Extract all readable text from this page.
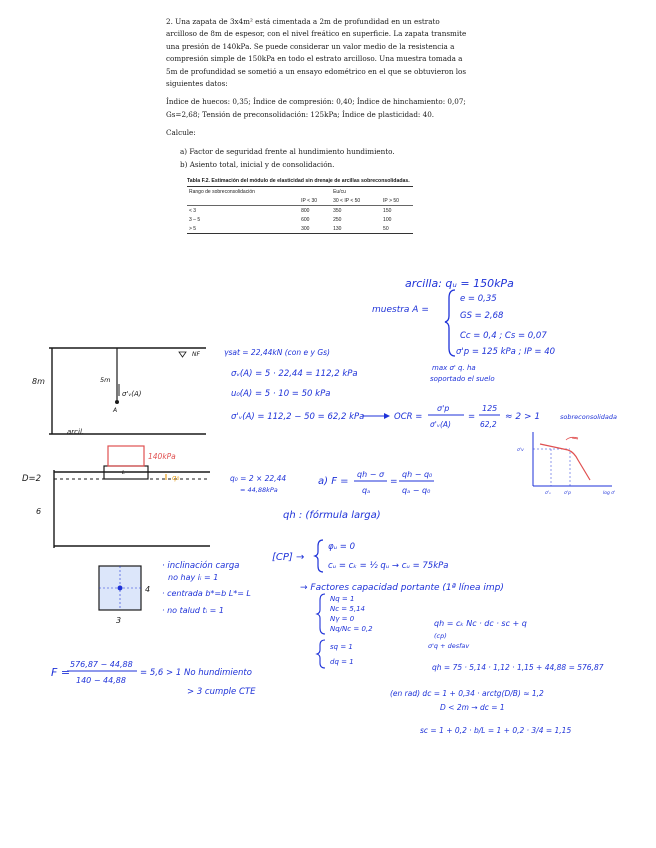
2. Una zapata de 3x4m² está cimentada a 2m de profundidad en un estrato arcilloso de 8m de espesor, con el nivel freático en superficie. La zapata transmite una presión de 140kPa. Se puede considerar un valor medio de la resistencia a compresión simple de 150kPa en todo el estrato arcilloso. Una muestra tomada a 5m de profundidad se sometió a un ensayo edométrico en el que se obtuvieron los siguientes datos:

Índice de huecos: 0,35; Índice de compresión: 0,40; Índice de hinchamiento: 0,07; Gs=2,68; Tensión de preconsolidación: 125kPa; Índice de plasticidad: 40.

Calcule:

a) Factor de seguridad frente al hundimiento hundimiento.
b) Asiento total, inicial y de consolidación.
Tabla F.2. Estimación del módulo de elasticidad sin drenaje de arcillas sobreconsolidadas.
Rango de sobreconsolidación		Eu/cu	
	IP < 30	30 < IP < 50	IP > 50
< 3	800	350	150
3 – 5	600	250	100
> 5	300	130	50
arcilla: qᵤ = 150kPa
muestra A =
e = 0,35
GS = 2,68
Cc = 0,4 ; Cs = 0,07
σ'p = 125 kPa ; IP = 40
max σ' q. ha
soportado el suelo
σ'ᵥ(A)
A
8m	5m
NF
arcil.
L
140kPa
q₀
D=2
6
γsat = 22,44kN (con e y Gs)
σᵥ(A) = 5 · 22,44 = 112,2 kPa
u₀(A) = 5 · 10 = 50 kPa
σ'ᵥ(A) = 112,2 − 50 = 62,2 kPa	OCR =
σ'p
σ'ᵥ(A)
=
125
62,2
≈ 2 > 1	sobreconsolidada
σ'v
σ'ᵥ	σ'p	log σ'
q₀ = 2 × 22,44
= 44,88kPa
a) F =
qh − σ
qₐ
=
qh − q₀
qₐ − q₀
qh : (fórmula larga)
4
3
· inclinación carga
no hay iᵢ = 1
· centrada b*=b L*= L
· no talud tᵢ = 1
[CP] →
φᵤ = 0
cᵤ = cₖ = ½ qᵤ → cᵤ = 75kPa
→ Factores capacidad portante (1ª línea imp)
Nq = 1
Nc = 5,14
Nγ = 0
Nq/Nc = 0,2
sq = 1
dq = 1
qh = cₖ Nc · dc · sc + q
(cp)
σ'q + desfav
qh = 75 · 5,14 · 1,12 · 1,15 + 44,88 = 576,87
(en rad) dc = 1 + 0,34 · arctg(D/B) ≈ 1,2
D < 2m → dc = 1
sc = 1 + 0,2 · b/L = 1 + 0,2 · 3/4 = 1,15
F =
576,87 − 44,88
140 − 44,88
= 5,6 > 1 No hundimiento
> 3 cumple CTE
